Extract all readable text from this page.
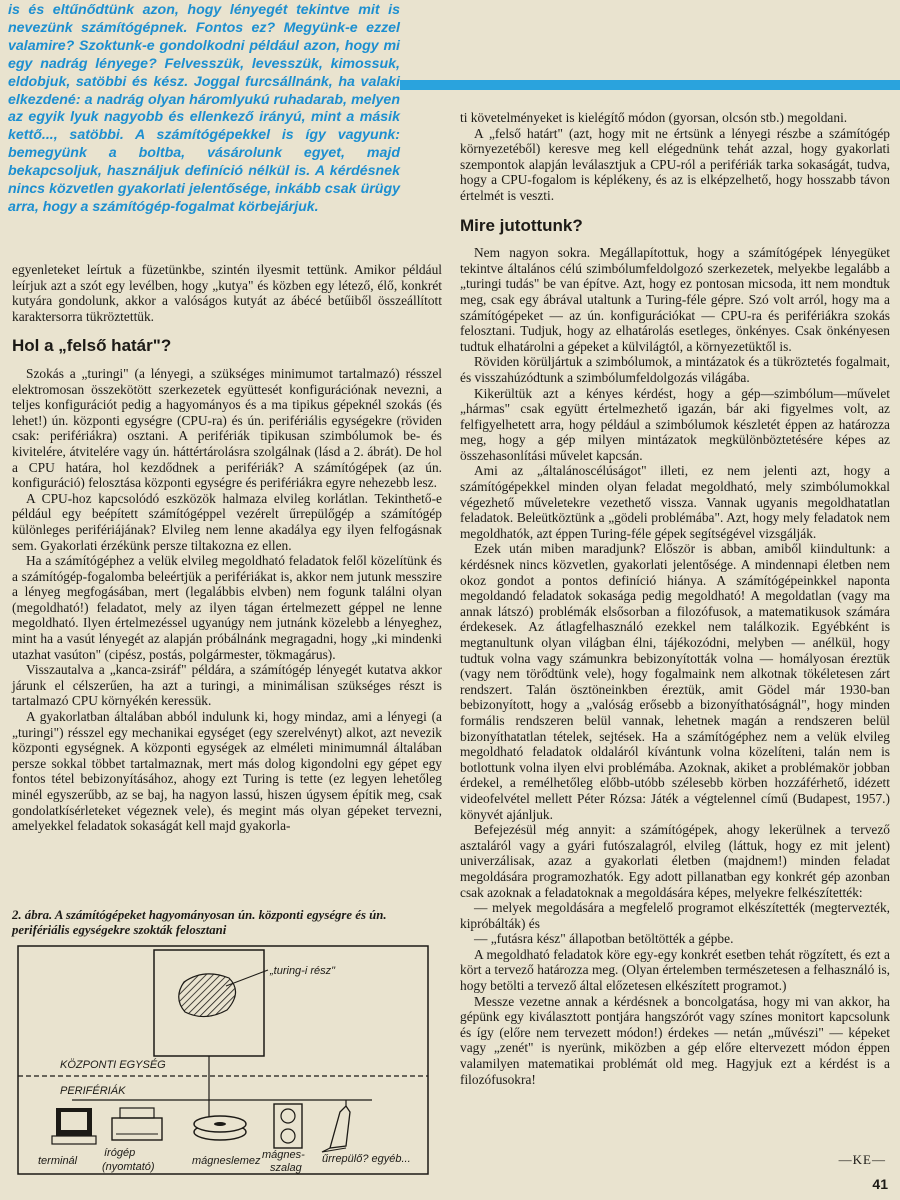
is és eltűnődtünk azon, hogy lényegét tekintve mit is nevezünk számítógépnek. Fontos ez? Megyünk-e ezzel valamire? Szoktunk-e gondolkodni például azon, hogy mi egy nadrág lényege? Felvesszük, levesszük, kimossuk, eldobjuk, satöbbi és kész. Joggal furcsállnánk, ha valaki elkezdené: a nadrág olyan háromlyukú ruhadarab, melyen az egyik lyuk nagyobb és ellenkező irányú, mint a másik kettő..., satöbbi. A számítógépekkel is így vagyunk: bemegyünk a boltba, vásárolunk egyet, majd bekapcsoljuk, használjuk definíció nélkül is. A kérdésnek nincs közvetlen gyakorlati jelentősége, inkább csak ürügy arra, hogy a számítógép-fogalmat körbejárjuk.

egyenleteket leírtuk a füzetünkbe, szintén ilyesmit tettünk. Amikor például leírjuk azt a szót egy levélben, hogy „kutya" és közben egy létező, élő, konkrét kutyára gondolunk, akkor a valóságos kutyát az ábécé betűiből összeállított karaktersorra tükröztettük.

Hol a „felső határ"?

Szokás a „turingi" (a lényegi, a szükséges minimumot tartalmazó) résszel elektromosan összekötött szerkezetek együttesét konfigurációnak nevezni, a teljes konfigurációt pedig a hagyományos és a ma tipikus gépeknél szokás (és lehet!) ún. központi egységre (CPU-ra) és ún. perifériális egységekre (röviden csak: perifériákra) osztani. A perifériák tipikusan szimbólumok be- és kivitelére, átvitelére vagy ún. háttértárolásra szolgálnak (lásd a 2. ábrát). De hol a CPU határa, hol kezdődnek a perifériák? A számítógépek (az ún. konfiguráció) felosztása központi egységre és perifériákra egyre nehezebb lesz.

A CPU-hoz kapcsolódó eszközök halmaza elvileg korlátlan. Tekinthető-e például egy beépített számítógéppel vezérelt űrrepülőgép a számítógép különleges perifériájának? Elvileg nem lenne akadálya egy ilyen felfogásnak sem. Gyakorlati érzékünk persze tiltakozna ez ellen.

Ha a számítógéphez a velük elvileg megoldható feladatok felől közelítünk és a számítógép-fogalomba beleértjük a perifériákat is, akkor nem jutunk messzire a lényeg megfogásában, mert (legalábbis elvben) nem fogunk találni olyan (megoldható!) feladatot, mely az ilyen tágan értelmezett géppel ne lenne megoldható. Ilyen értelmezéssel ugyanúgy nem jutnánk közelebb a lényeghez, mint ha a vasút lényegét az alapján próbálnánk megragadni, hogy „ki mindenki utazhat vasúton" (cipész, postás, polgármester, tökmagárus).

Visszautalva a „kanca-zsiráf" példára, a számítógép lényegét kutatva akkor járunk el célszerűen, ha azt a turingi, a minimálisan szükséges részt is tartalmazó CPU környékén keressük.

A gyakorlatban általában abból indulunk ki, hogy mindaz, ami a lényegi (a „turingi") résszel egy mechanikai egységet (egy szerelvényt) alkot, azt nevezik központi egységnek. A központi egységek az elméleti minimumnál általában persze sokkal többet tartalmaznak, mert más dolog kigondolni egy gépet egy fontos tétel bebizonyításához, ahogy ezt Turing is tette (ez legyen lehetőleg minél egyszerűbb, az se baj, ha nagyon lassú, hiszen úgysem építik meg, csak gondolatkísérleteket végeznek vele), és megint más olyan gépeket tervezni, amelyekkel feladatok sokaságát kell majd gyakorla-

2. ábra. A számítógépeket hagyományosan ún. központi egységre és ún. perifériális egységekre szokták felosztani
„turing-i rész"
KÖZPONTI EGYSÉG
PERIFÉRIÁK
terminál
írógép
(nyomtató)	mágneslemez mágnes-
szalag
űrrepülő? egyéb...

ti követelményeket is kielégítő módon (gyorsan, olcsón stb.) megoldani.

A „felső határt" (azt, hogy mit ne értsünk a lényegi részbe a számítógép környezetéből) keresve meg kell elégednünk tehát azzal, hogy gyakorlati szempontok alapján leválasztjuk a CPU-ról a perifériák tarka sokaságát, tudva, hogy a CPU-fogalom is képlékeny, és az is elképzelhető, hogy hosszabb távon értelmét is veszti.

Mire jutottunk?

Nem nagyon sokra. Megállapítottuk, hogy a számítógépek lényegüket tekintve általános célú szimbólumfeldolgozó szerkezetek, melyekbe legalább a „turingi tudás" be van építve. Azt, hogy ez pontosan micsoda, itt nem mondtuk meg, csak egy ábrával utaltunk a Turing-féle gépre. Szó volt arról, hogy ma a számítógépeket — az ún. konfigurációkat — CPU-ra és perifériákra szokás felosztani. Tudjuk, hogy az elhatárolás esetleges, önkényes. Csak önkényesen tudtuk elhatárolni a gépeket a külvilágtól, a környezetüktől is.

Röviden körüljártuk a szimbólumok, a mintázatok és a tükröztetés fogalmait, és visszahúzódtunk a szimbólumfeldolgozás világába.

Kikerültük azt a kényes kérdést, hogy a gép—szimbólum—művelet „hármas" csak együtt értelmezhető igazán, bár aki figyelmes volt, az felfigyelhetett arra, hogy például a szimbólumok készletét éppen az határozza meg, hogy a gép milyen mintázatok megkülönböztetésére képes az összehasonlítási művelet kapcsán.

Ami az „általánoscélúságot" illeti, ez nem jelenti azt, hogy a számítógépekkel minden olyan feladat megoldható, mely szimbólumokkal végezhető műveletekre vezethető vissza. Vannak ugyanis megoldhatatlan feladatok. Beleütköztünk a „gödeli problémába". Azt, hogy mely feladatok nem megoldhatók, azt éppen Turing-féle gépek segítségével vizsgálják.

Ezek után miben maradjunk? Először is abban, amiből kiindultunk: a kérdésnek nincs közvetlen, gyakorlati jelentősége. A mindennapi életben nem okoz gondot a pontos definíció hiánya. A számítógépeinkkel naponta megoldandó feladatok sokasága pedig megoldható! A megoldatlan (vagy ma annak látszó) problémák elsősorban a filozófusok, a matematikusok számára érdekesek. Az átlagfelhasználó ezekkel nem találkozik. Egyébként is megtanultunk olyan világban élni, tájékozódni, melyben — anélkül, hogy tudtuk volna vagy számunkra bebizonyították volna — homályosan éreztük (vagy nem törődtünk vele), hogy fogalmaink nem alkotnak tökéletesen zárt rendszert. Talán ösztöneinkben éreztük, amit Gödel már 1930-ban bebizonyított, hogy a „valóság erősebb a bizonyíthatóságnál", hogy minden formális rendszeren belül vannak, lehetnek magán a rendszeren belül bizonyíthatatlan tételek, sejtések. Ha a számítógéphez nem a velük elvileg megoldható feladatok oldaláról kívántunk volna közelíteni, talán nem is botlottunk volna ilyen elvi problémába. Azoknak, akiket a problémakör jobban érdekel, a remélhetőleg előbb-utóbb szélesebb körben hozzáférhető, idézett videofelvétel mellett Péter Rózsa: Játék a végtelennel című (Budapest, 1957.) könyvét ajánljuk.

Befejezésül még annyit: a számítógépek, ahogy lekerülnek a tervező asztaláról vagy a gyári futószalagról, elvileg (láttuk, hogy ez mit jelent) univerzálisak, azaz a gyakorlati életben (majdnem!) minden feladat megoldására programozhatók. Egy adott pillanatban egy konkrét gép azonban csak azoknak a feladatoknak a megoldására képes, melyekre felkészítették:

— melyek megoldására a megfelelő programot elkészítették (megtervezték, kipróbálták) és
— „futásra kész" állapotban betöltötték a gépbe.

A megoldható feladatok köre egy-egy konkrét esetben tehát rögzített, és ezt a kört a tervező határozza meg. (Olyan értelemben természetesen a felhasználó is, hogy betölti a tervező által előzetesen elkészített programot.)

Messze vezetne annak a kérdésnek a boncolgatása, hogy mi van akkor, ha gépünk egy kiválasztott pontjára hangszórót vagy színes monitort kapcsolunk és így (előre nem tervezett módon!) érdekes — netán „művészi" — képeket vagy „zenét" is nyerünk, miközben a gép előre eltervezett módon éppen valamilyen matematikai problémát old meg. Hagyjuk ezt a kérdést is a filozófusokra!

—KE—
41
